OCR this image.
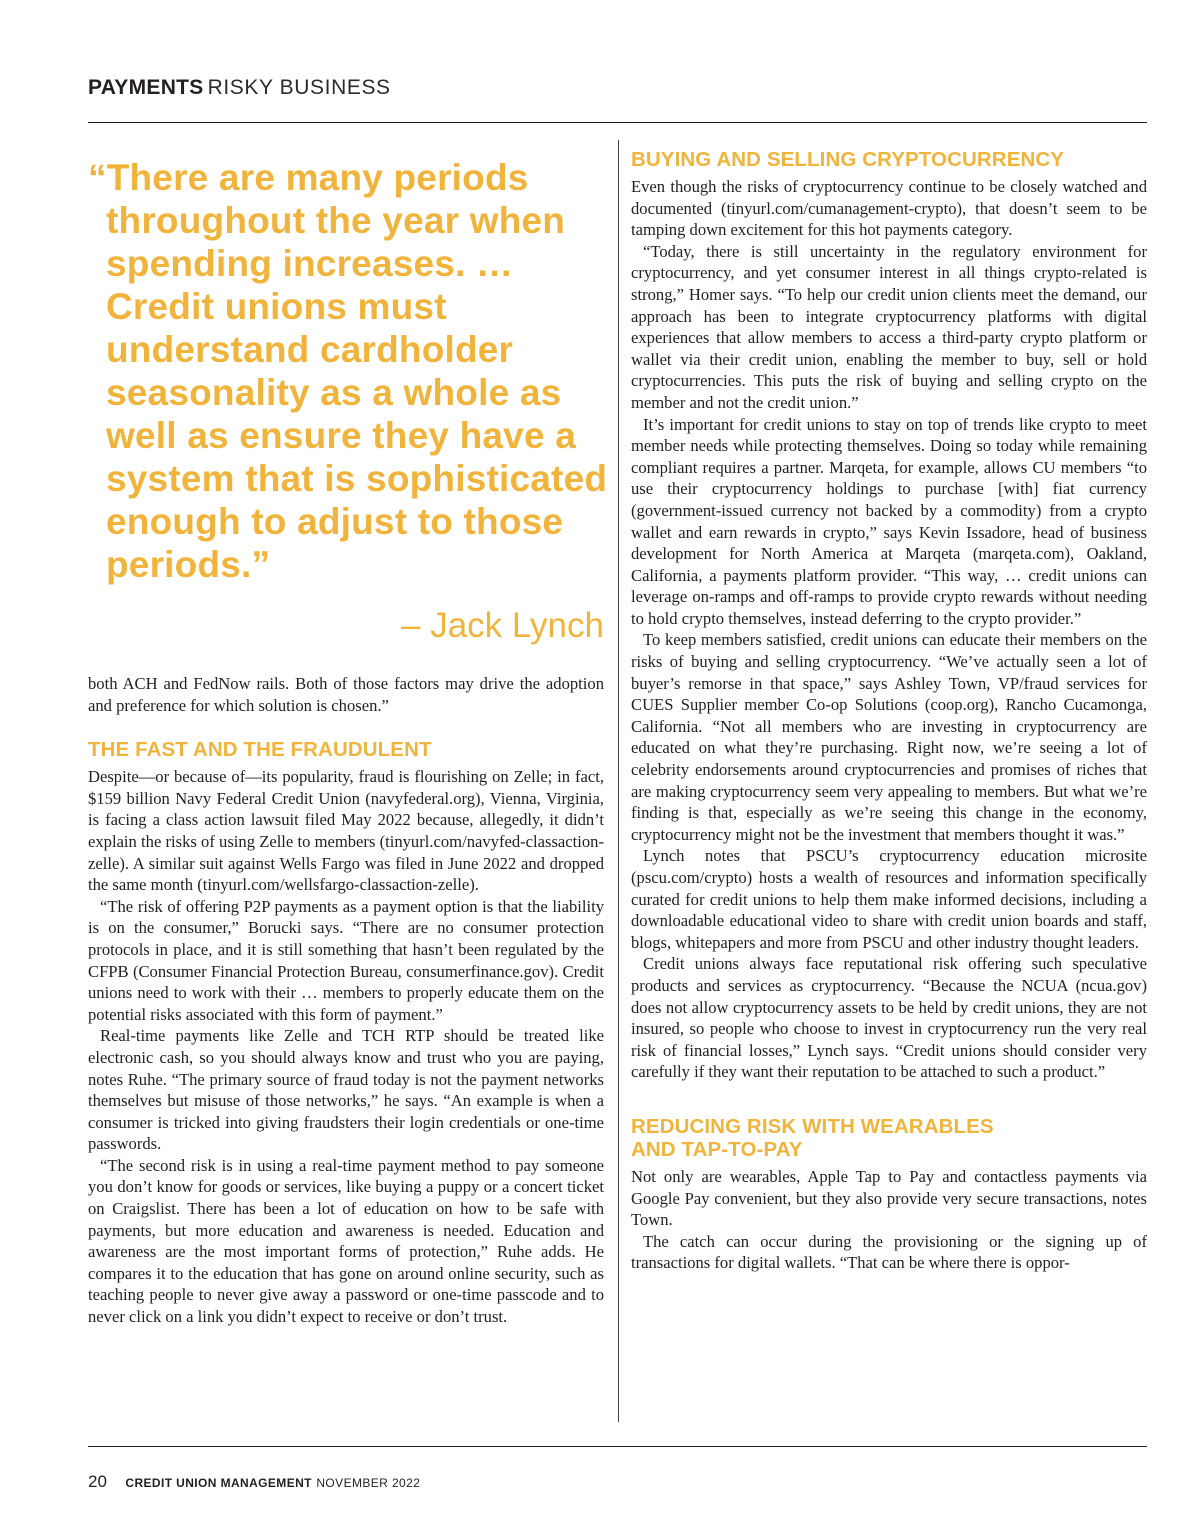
PAYMENTS RISKY BUSINESS

“There are many periods throughout the year when spending increases. … Credit unions must understand cardholder seasonality as a whole as well as ensure they have a system that is sophisticated enough to adjust to those periods.”

– Jack Lynch

both ACH and FedNow rails. Both of those factors may drive the adoption and preference for which solution is chosen.”

THE FAST AND THE FRAUDULENT

Despite—or because of—its popularity, fraud is flourishing on Zelle; in fact, $159 billion Navy Federal Credit Union (navyfederal.org), Vienna, Virginia, is facing a class action lawsuit filed May 2022 because, allegedly, it didn’t explain the risks of using Zelle to members (tinyurl.com/navyfed-classaction-zelle). A similar suit against Wells Fargo was filed in June 2022 and dropped the same month (tinyurl.com/wellsfargo-classaction-zelle).

“The risk of offering P2P payments as a payment option is that the liability is on the consumer,” Borucki says. “There are no consumer protection protocols in place, and it is still something that hasn’t been regulated by the CFPB (Consumer Financial Protection Bureau, consumerfinance.gov). Credit unions need to work with their … members to properly educate them on the potential risks associated with this form of payment.”

Real-time payments like Zelle and TCH RTP should be treated like electronic cash, so you should always know and trust who you are paying, notes Ruhe. “The primary source of fraud today is not the payment networks themselves but misuse of those networks,” he says. “An example is when a consumer is tricked into giving fraudsters their login credentials or one-time passwords.

“The second risk is in using a real-time payment method to pay someone you don’t know for goods or services, like buying a puppy or a concert ticket on Craigslist. There has been a lot of education on how to be safe with payments, but more education and awareness is needed. Education and awareness are the most important forms of protection,” Ruhe adds. He compares it to the education that has gone on around online security, such as teaching people to never give away a password or one-time passcode and to never click on a link you didn’t expect to receive or don’t trust.

BUYING AND SELLING CRYPTOCURRENCY

Even though the risks of cryptocurrency continue to be closely watched and documented (tinyurl.com/cumanagement-crypto), that doesn’t seem to be tamping down excitement for this hot payments category.

“Today, there is still uncertainty in the regulatory environment for cryptocurrency, and yet consumer interest in all things crypto-related is strong,” Homer says. “To help our credit union clients meet the demand, our approach has been to integrate cryptocurrency platforms with digital experiences that allow members to access a third-party crypto platform or wallet via their credit union, enabling the member to buy, sell or hold cryptocurrencies. This puts the risk of buying and selling crypto on the member and not the credit union.”

It’s important for credit unions to stay on top of trends like crypto to meet member needs while protecting themselves. Doing so today while remaining compliant requires a partner. Marqeta, for example, allows CU members “to use their cryptocurrency holdings to purchase [with] fiat currency (government-issued currency not backed by a commodity) from a crypto wallet and earn rewards in crypto,” says Kevin Issadore, head of business development for North America at Marqeta (marqeta.com), Oakland, California, a payments platform provider. “This way, … credit unions can leverage on-ramps and off-ramps to provide crypto rewards without needing to hold crypto themselves, instead deferring to the crypto provider.”

To keep members satisfied, credit unions can educate their members on the risks of buying and selling cryptocurrency. “We’ve actually seen a lot of buyer’s remorse in that space,” says Ashley Town, VP/fraud services for CUES Supplier member Co-op Solutions (coop.org), Rancho Cucamonga, California. “Not all members who are investing in cryptocurrency are educated on what they’re purchasing. Right now, we’re seeing a lot of celebrity endorsements around cryptocurrencies and promises of riches that are making cryptocurrency seem very appealing to members. But what we’re finding is that, especially as we’re seeing this change in the economy, cryptocurrency might not be the investment that members thought it was.”

Lynch notes that PSCU’s cryptocurrency education microsite (pscu.com/crypto) hosts a wealth of resources and information specifically curated for credit unions to help them make informed decisions, including a downloadable educational video to share with credit union boards and staff, blogs, whitepapers and more from PSCU and other industry thought leaders.

Credit unions always face reputational risk offering such speculative products and services as cryptocurrency. “Because the NCUA (ncua.gov) does not allow cryptocurrency assets to be held by credit unions, they are not insured, so people who choose to invest in cryptocurrency run the very real risk of financial losses,” Lynch says. “Credit unions should consider very carefully if they want their reputation to be attached to such a product.”

REDUCING RISK WITH WEARABLES
AND TAP-TO-PAY

Not only are wearables, Apple Tap to Pay and contactless payments via Google Pay convenient, but they also provide very secure transactions, notes Town.

The catch can occur during the provisioning or the signing up of transactions for digital wallets. “That can be where there is oppor-

20 CREDIT UNION MANAGEMENT NOVEMBER 2022
